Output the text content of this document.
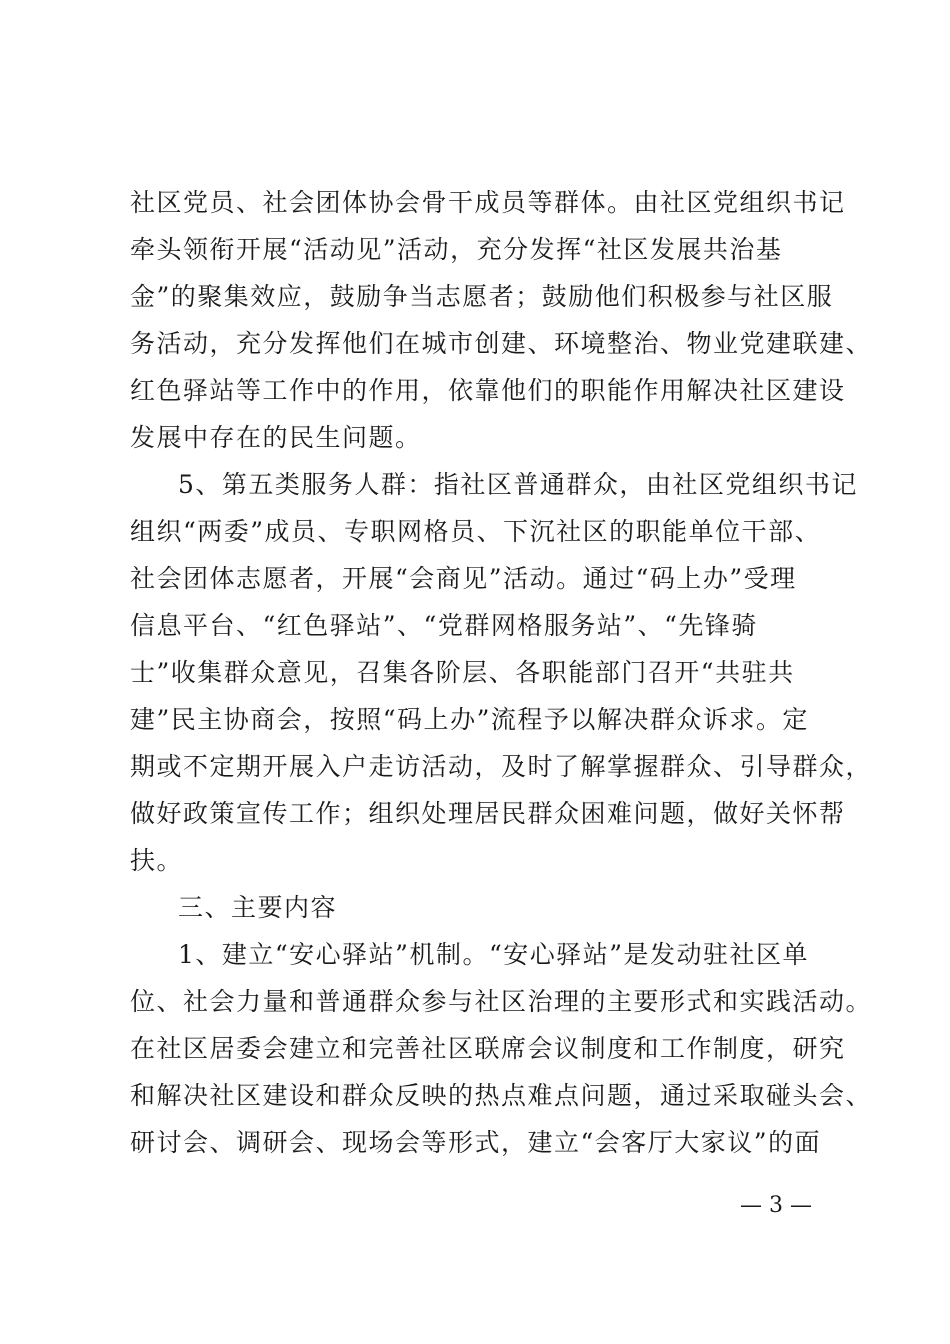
社区党员、社会团体协会骨干成员等群体。由社区党组织书记
牵头领衔开展“活动见”活动，充分发挥“社区发展共治基
金”的聚集效应，鼓励争当志愿者；鼓励他们积极参与社区服
务活动，充分发挥他们在城市创建、环境整治、物业党建联建、
红色驿站等工作中的作用，依靠他们的职能作用解决社区建设
发展中存在的民生问题。
5、第五类服务人群：指社区普通群众，由社区党组织书记
组织“两委”成员、专职网格员、下沉社区的职能单位干部、
社会团体志愿者，开展“会商见”活动。通过“码上办”受理
信息平台、“红色驿站”、“党群网格服务站”、“先锋骑
士”收集群众意见，召集各阶层、各职能部门召开“共驻共
建”民主协商会，按照“码上办”流程予以解决群众诉求。定
期或不定期开展入户走访活动，及时了解掌握群众、引导群众，
做好政策宣传工作；组织处理居民群众困难问题，做好关怀帮
扶。
三、主要内容
1、建立“安心驿站”机制。“安心驿站”是发动驻社区单
位、社会力量和普通群众参与社区治理的主要形式和实践活动。
在社区居委会建立和完善社区联席会议制度和工作制度，研究
和解决社区建设和群众反映的热点难点问题，通过采取碰头会、
研讨会、调研会、现场会等形式，建立“会客厅大家议”的面
— 3 —
